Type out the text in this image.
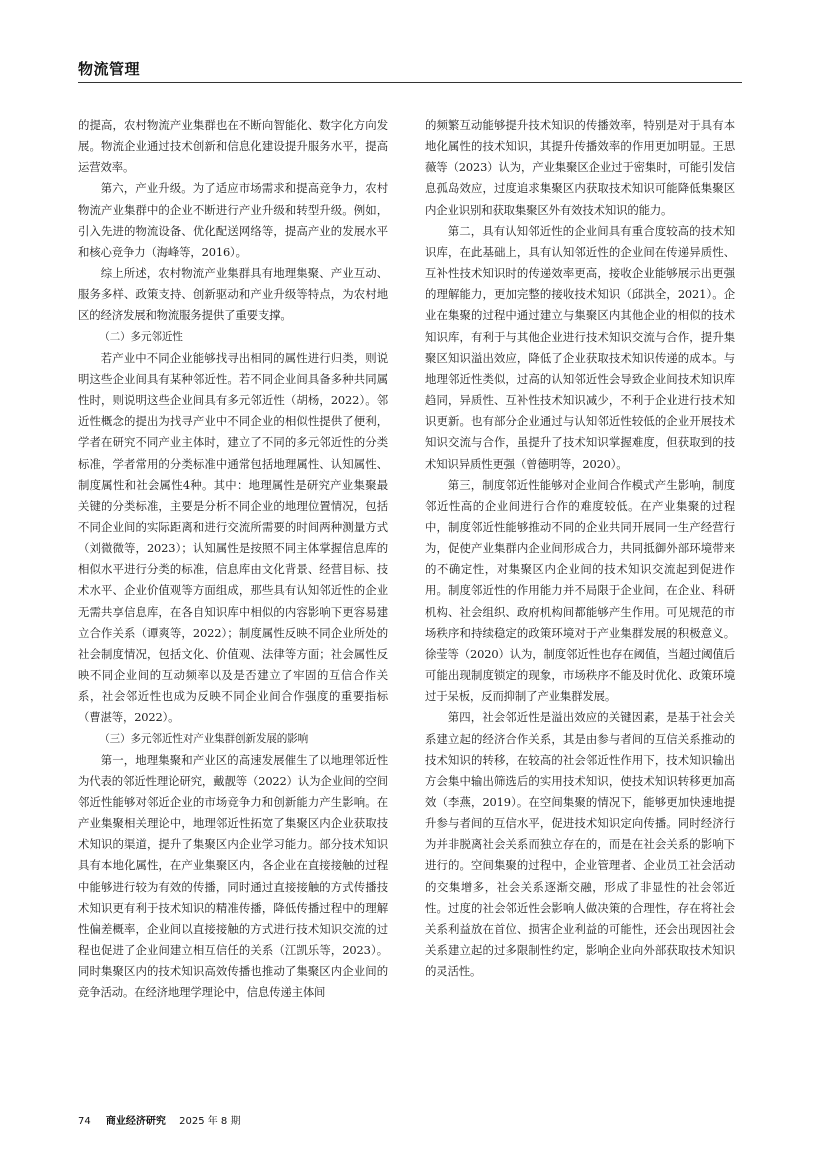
物流管理

的提高，农村物流产业集群也在不断向智能化、数字化方向发展。物流企业通过技术创新和信息化建设提升服务水平，提高运营效率。

第六，产业升级。为了适应市场需求和提高竞争力，农村物流产业集群中的企业不断进行产业升级和转型升级。例如，引入先进的物流设备、优化配送网络等，提高产业的发展水平和核心竞争力（海峰等，2016）。

综上所述，农村物流产业集群具有地理集聚、产业互动、服务多样、政策支持、创新驱动和产业升级等特点，为农村地区的经济发展和物流服务提供了重要支撑。

（二）多元邻近性

若产业中不同企业能够找寻出相同的属性进行归类，则说明这些企业间具有某种邻近性。若不同企业间具备多种共同属性时，则说明这些企业间具有多元邻近性（胡杨，2022）。邻近性概念的提出为找寻产业中不同企业的相似性提供了便利，学者在研究不同产业主体时，建立了不同的多元邻近性的分类标准，学者常用的分类标准中通常包括地理属性、认知属性、制度属性和社会属性4种。其中：地理属性是研究产业集聚最关键的分类标准，主要是分析不同企业的地理位置情况，包括不同企业间的实际距离和进行交流所需要的时间两种测量方式（刘微微等，2023）；认知属性是按照不同主体掌握信息库的相似水平进行分类的标准，信息库由文化背景、经营目标、技术水平、企业价值观等方面组成，那些具有认知邻近性的企业无需共享信息库，在各自知识库中相似的内容影响下更容易建立合作关系（谭爽等，2022）；制度属性反映不同企业所处的社会制度情况，包括文化、价值观、法律等方面；社会属性反映不同企业间的互动频率以及是否建立了牢固的互信合作关系，社会邻近性也成为反映不同企业间合作强度的重要指标（曹湛等，2022）。

（三）多元邻近性对产业集群创新发展的影响

第一，地理集聚和产业区的高速发展催生了以地理邻近性为代表的邻近性理论研究，戴靓等（2022）认为企业间的空间邻近性能够对邻近企业的市场竞争力和创新能力产生影响。在产业集聚相关理论中，地理邻近性拓宽了集聚区内企业获取技术知识的渠道，提升了集聚区内企业学习能力。部分技术知识具有本地化属性，在产业集聚区内，各企业在直接接触的过程中能够进行较为有效的传播，同时通过直接接触的方式传播技术知识更有利于技术知识的精准传播，降低传播过程中的理解性偏差概率，企业间以直接接触的方式进行技术知识交流的过程也促进了企业间建立相互信任的关系（江凯乐等，2023）。同时集聚区内的技术知识高效传播也推动了集聚区内企业间的竞争活动。在经济地理学理论中，信息传递主体间

的频繁互动能够提升技术知识的传播效率，特别是对于具有本地化属性的技术知识，其提升传播效率的作用更加明显。王思薇等（2023）认为，产业集聚区企业过于密集时，可能引发信息孤岛效应，过度追求集聚区内获取技术知识可能降低集聚区内企业识别和获取集聚区外有效技术知识的能力。

第二，具有认知邻近性的企业间具有重合度较高的技术知识库，在此基础上，具有认知邻近性的企业间在传递异质性、互补性技术知识时的传递效率更高，接收企业能够展示出更强的理解能力，更加完整的接收技术知识（邱洪全，2021）。企业在集聚的过程中通过建立与集聚区内其他企业的相似的技术知识库，有利于与其他企业进行技术知识交流与合作，提升集聚区知识溢出效应，降低了企业获取技术知识传递的成本。与地理邻近性类似，过高的认知邻近性会导致企业间技术知识库趋同，异质性、互补性技术知识减少，不利于企业进行技术知识更新。也有部分企业通过与认知邻近性较低的企业开展技术知识交流与合作，虽提升了技术知识掌握难度，但获取到的技术知识异质性更强（曾德明等，2020）。

第三，制度邻近性能够对企业间合作模式产生影响，制度邻近性高的企业间进行合作的难度较低。在产业集聚的过程中，制度邻近性能够推动不同的企业共同开展同一生产经营行为，促使产业集群内企业间形成合力，共同抵御外部环境带来的不确定性，对集聚区内企业间的技术知识交流起到促进作用。制度邻近性的作用能力并不局限于企业间，在企业、科研机构、社会组织、政府机构间都能够产生作用。可见规范的市场秩序和持续稳定的政策环境对于产业集群发展的积极意义。徐莹等（2020）认为，制度邻近性也存在阈值，当超过阈值后可能出现制度锁定的现象，市场秩序不能及时优化、政策环境过于呆板，反而抑制了产业集群发展。

第四，社会邻近性是溢出效应的关键因素，是基于社会关系建立起的经济合作关系，其是由参与者间的互信关系推动的技术知识的转移，在较高的社会邻近性作用下，技术知识输出方会集中输出筛选后的实用技术知识，使技术知识转移更加高效（李燕，2019）。在空间集聚的情况下，能够更加快速地提升参与者间的互信水平，促进技术知识定向传播。同时经济行为并非脱离社会关系而独立存在的，而是在社会关系的影响下进行的。空间集聚的过程中，企业管理者、企业员工社会活动的交集增多，社会关系逐渐交融，形成了非显性的社会邻近性。过度的社会邻近性会影响人做决策的合理性，存在将社会关系利益放在首位、损害企业利益的可能性，还会出现因社会关系建立起的过多限制性约定，影响企业向外部获取技术知识的灵活性。

74 商业经济研究 2025 年 8 期
